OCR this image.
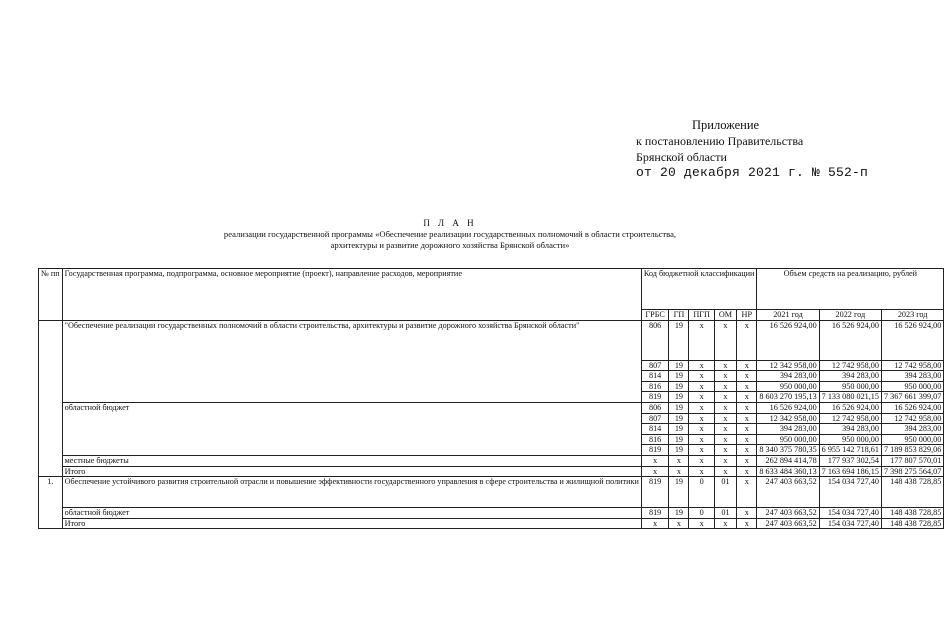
Приложение
к постановлению Правительства
Брянской области
от 20 декабря 2021 г. № 552-п
П Л А Н
реализации государственной программы «Обеспечение реализации государственных полномочий в области строительства,
архитектуры и развитие дорожного хозяйства Брянской области»
№ пп	Государственная программа, подпрограмма, основное мероприятие (проект), направление расходов, мероприятие	Код бюджетной классификации					Объем средств на реализацию, рублей		
		ГРБС	ГП	ПГП	ОМ	НР	2021 год	2022 год	2023 год
	"Обеспечение реализации государственных полномочий в области строительства, архитектуры и развитие дорожного хозяйства Брянской области"	806	19	х	х	х	16 526 924,00	16 526 924,00	16 526 924,00
		807	19	х	х	х	12 342 958,00	12 742 958,00	12 742 958,00
		814	19	х	х	х	394 283,00	394 283,00	394 283,00
		816	19	х	х	х	950 000,00	950 000,00	950 000,00
		819	19	х	х	х	8 603 270 195,13	7 133 080 021,15	7 367 661 399,07
	областной бюджет	806	19	х	х	х	16 526 924,00	16 526 924,00	16 526 924,00
		807	19	х	х	х	12 342 958,00	12 742 958,00	12 742 958,00
		814	19	х	х	х	394 283,00	394 283,00	394 283,00
		816	19	х	х	х	950 000,00	950 000,00	950 000,00
		819	19	х	х	х	8 340 375 780,35	6 955 142 718,61	7 189 853 829,06
	местные бюджеты	х	х	х	х	х	262 894 414,78	177 937 302,54	177 807 570,01
	Итого	х	х	х	х	х	8 633 484 360,13	7 163 694 186,15	7 398 275 564,07
1.	Обеспечение устойчивого развития строительной отрасли и повышение эффективности государственного управления в сфере строительства и жилищной политики	819	19	0	01	х	247 403 663,52	154 034 727,40	148 438 728,85
	областной бюджет	819	19	0	01	х	247 403 663,52	154 034 727,40	148 438 728,85
	Итого	х	х	х	х	х	247 403 663,52	154 034 727,40	148 438 728,85
